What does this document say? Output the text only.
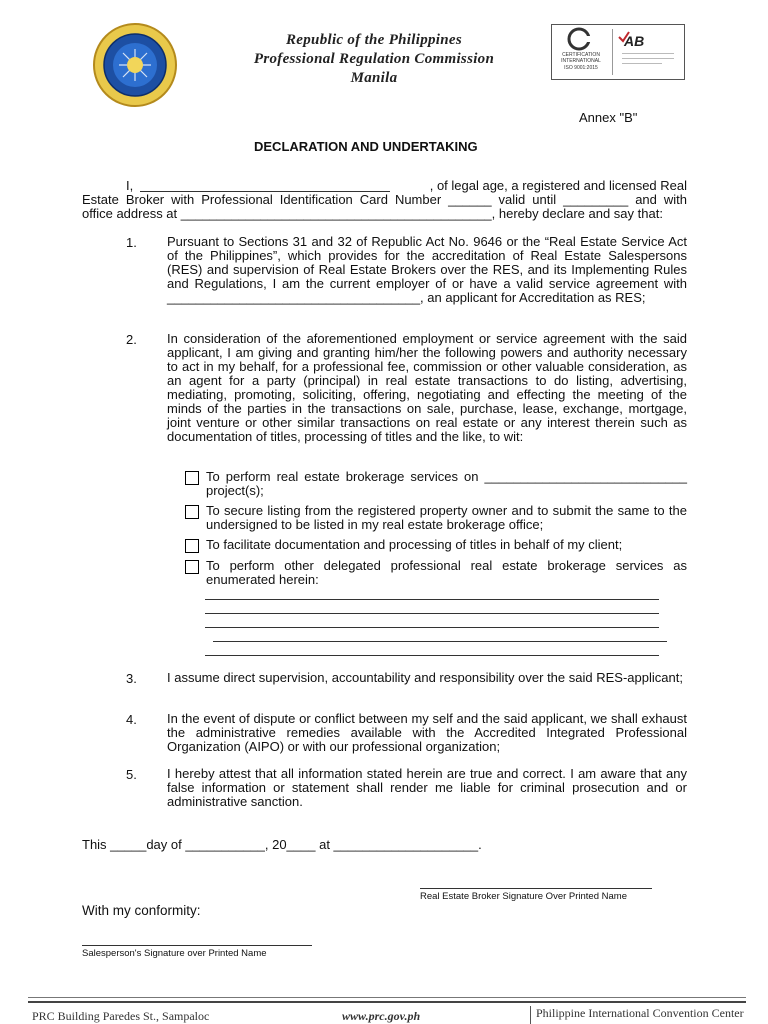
Republic of the Philippines
Professional Regulation Commission
Manila
CERTIFICATION
INTERNATIONAL
ISO 9001:2015
AB
Annex "B"
DECLARATION AND UNDERTAKING
I,	, of legal age, a registered and licensed Real
Estate Broker with Professional Identification Card Number ______ valid until _________ and with
office address at ___________________________________________, hereby declare and say that:
1. Pursuant to Sections 31 and 32 of Republic Act No. 9646 or the “Real Estate Service Act of the Philippines”, which provides for the accreditation of Real Estate Salespersons (RES) and supervision of Real Estate Brokers over the RES, and its Implementing Rules and Regulations, I am the current employer of or have a valid service agreement with ___________________________________, an applicant for Accreditation as RES;
2. In consideration of the aforementioned employment or service agreement with the said applicant, I am giving and granting him/her the following powers and authority necessary to act in my behalf, for a professional fee, commission or other valuable consideration, as an agent for a party (principal) in real estate transactions to do listing, advertising, mediating, promoting, soliciting, offering, negotiating and effecting the meeting of the minds of the parties in the transactions on sale, purchase, lease, exchange, mortgage, joint venture or other similar transactions on real estate or any interest therein such as documentation of titles, processing of titles and the like, to wit:
To perform real estate brokerage services on ____________________________ project(s);
To secure listing from the registered property owner and to submit the same to the undersigned to be listed in my real estate brokerage office;
To facilitate documentation and processing of titles in behalf of my client;
To perform other delegated professional real estate brokerage services as enumerated herein:
3. I assume direct supervision, accountability and responsibility over the said RES-applicant;
4. In the event of dispute or conflict between my self and the said applicant, we shall exhaust the administrative remedies available with the Accredited Integrated Professional Organization (AIPO) or with our professional organization;
5. I hereby attest that all information stated herein are true and correct. I am aware that any false information or statement shall render me liable for criminal prosecution and or administrative sanction.
This _____day of ___________, 20____ at ____________________.
Real Estate Broker Signature Over Printed Name
With my conformity:
Salesperson's Signature over Printed Name
PRC Building Paredes St., Sampaloc	www.prc.gov.ph	Philippine International Convention Center
